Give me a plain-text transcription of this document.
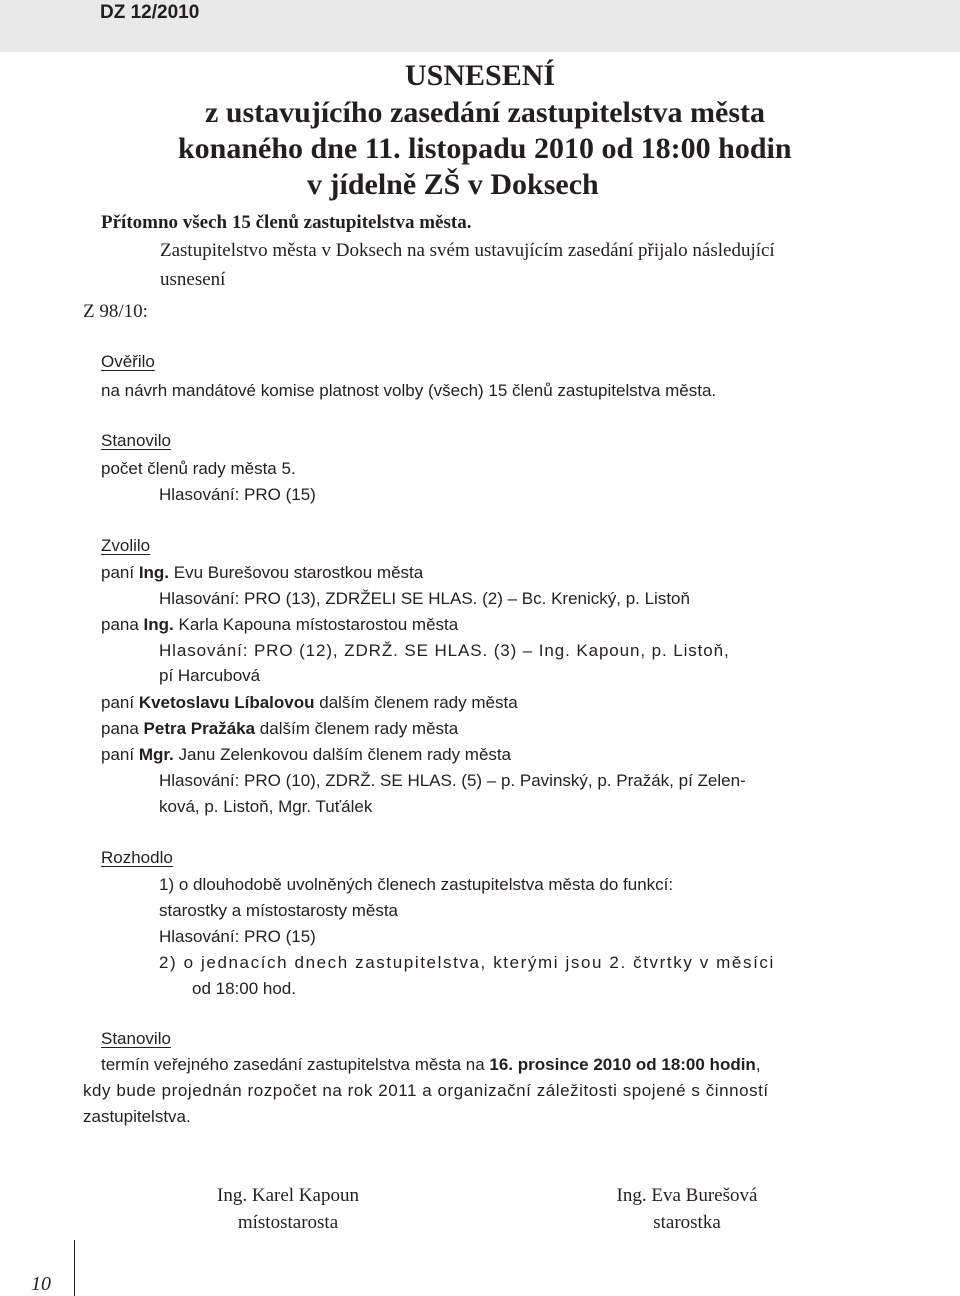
DZ 12/2010
USNESENÍ
z ustavujícího zasedání zastupitelstva města
konaného dne 11. listopadu 2010 od 18:00 hodin
v jídelně ZŠ v Doksech
Přítomno všech 15 členů zastupitelstva města.
Zastupitelstvo města v Doksech na svém ustavujícím zasedání přijalo následující
usnesení
Z 98/10:
Ověřilo
na návrh mandátové komise platnost volby (všech) 15 členů zastupitelstva města.
Stanovilo
počet členů rady města 5.
Hlasování: PRO (15)
Zvolilo
paní Ing. Evu Burešovou starostkou města
Hlasování: PRO (13), ZDRŽELI SE HLAS. (2) – Bc. Krenický, p. Listoň
pana Ing. Karla Kapouna místostarostou města
Hlasování: PRO (12), ZDRŽ. SE HLAS. (3) – Ing. Kapoun, p. Listoň,
pí Harcubová
paní Kvetoslavu Líbalovou dalším členem rady města
pana Petra Pražáka dalším členem rady města
paní Mgr. Janu Zelenkovou dalším členem rady města
Hlasování: PRO (10), ZDRŽ. SE HLAS. (5) – p. Pavinský, p. Pražák, pí Zelen-
ková, p. Listoň, Mgr. Tuťálek
Rozhodlo
1) o dlouhodobě uvolněných členech zastupitelstva města do funkcí:
starostky a místostarosty města
Hlasování: PRO (15)
2) o jednacích dnech zastupitelstva, kterými jsou 2. čtvrtky v měsíci
od 18:00 hod.
Stanovilo
termín veřejného zasedání zastupitelstva města na 16. prosince 2010 od 18:00 hodin,
kdy bude projednán rozpočet na rok 2011 a organizační záležitosti spojené s činností
zastupitelstva.
Ing. Karel Kapoun
místostarosta
Ing. Eva Burešová
starostka
10
